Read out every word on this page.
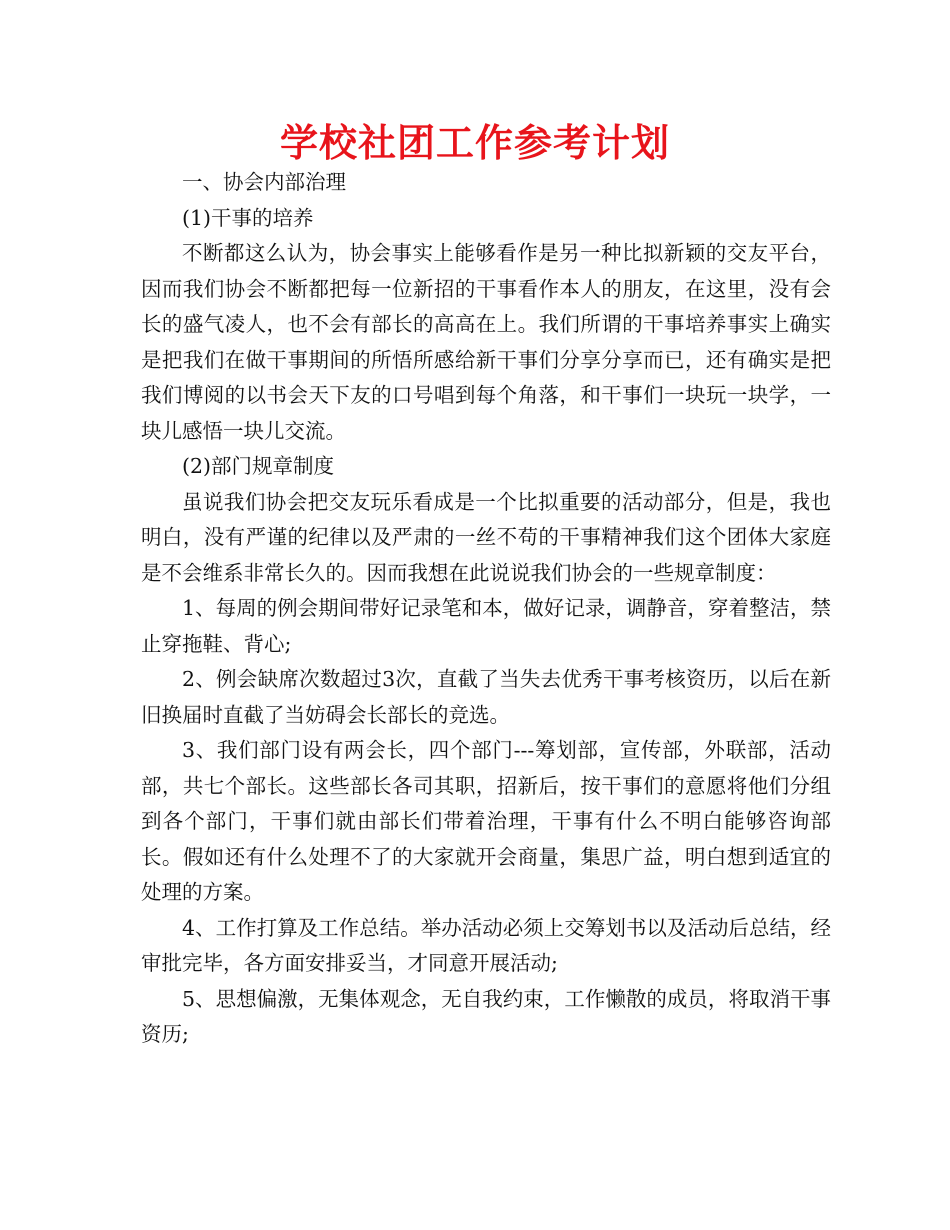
学校社团工作参考计划

一、协会内部治理

(1)干事的培养

不断都这么认为，协会事实上能够看作是另一种比拟新颖的交友平台，因而我们协会不断都把每一位新招的干事看作本人的朋友，在这里，没有会长的盛气凌人，也不会有部长的高高在上。我们所谓的干事培养事实上确实是把我们在做干事期间的所悟所感给新干事们分享分享而已，还有确实是把我们博阅的以书会天下友的口号唱到每个角落，和干事们一块玩一块学，一块儿感悟一块儿交流。

(2)部门规章制度

虽说我们协会把交友玩乐看成是一个比拟重要的活动部分，但是，我也明白，没有严谨的纪律以及严肃的一丝不苟的干事精神我们这个团体大家庭是不会维系非常长久的。因而我想在此说说我们协会的一些规章制度：

1、每周的例会期间带好记录笔和本，做好记录，调静音，穿着整洁，禁止穿拖鞋、背心;

2、例会缺席次数超过3次，直截了当失去优秀干事考核资历，以后在新旧换届时直截了当妨碍会长部长的竞选。

3、我们部门设有两会长，四个部门---筹划部，宣传部，外联部，活动部，共七个部长。这些部长各司其职，招新后，按干事们的意愿将他们分组到各个部门，干事们就由部长们带着治理，干事有什么不明白能够咨询部长。假如还有什么处理不了的大家就开会商量，集思广益，明白想到适宜的处理的方案。

4、工作打算及工作总结。举办活动必须上交筹划书以及活动后总结，经审批完毕，各方面安排妥当，才同意开展活动;

5、思想偏激，无集体观念，无自我约束，工作懒散的成员，将取消干事资历;
